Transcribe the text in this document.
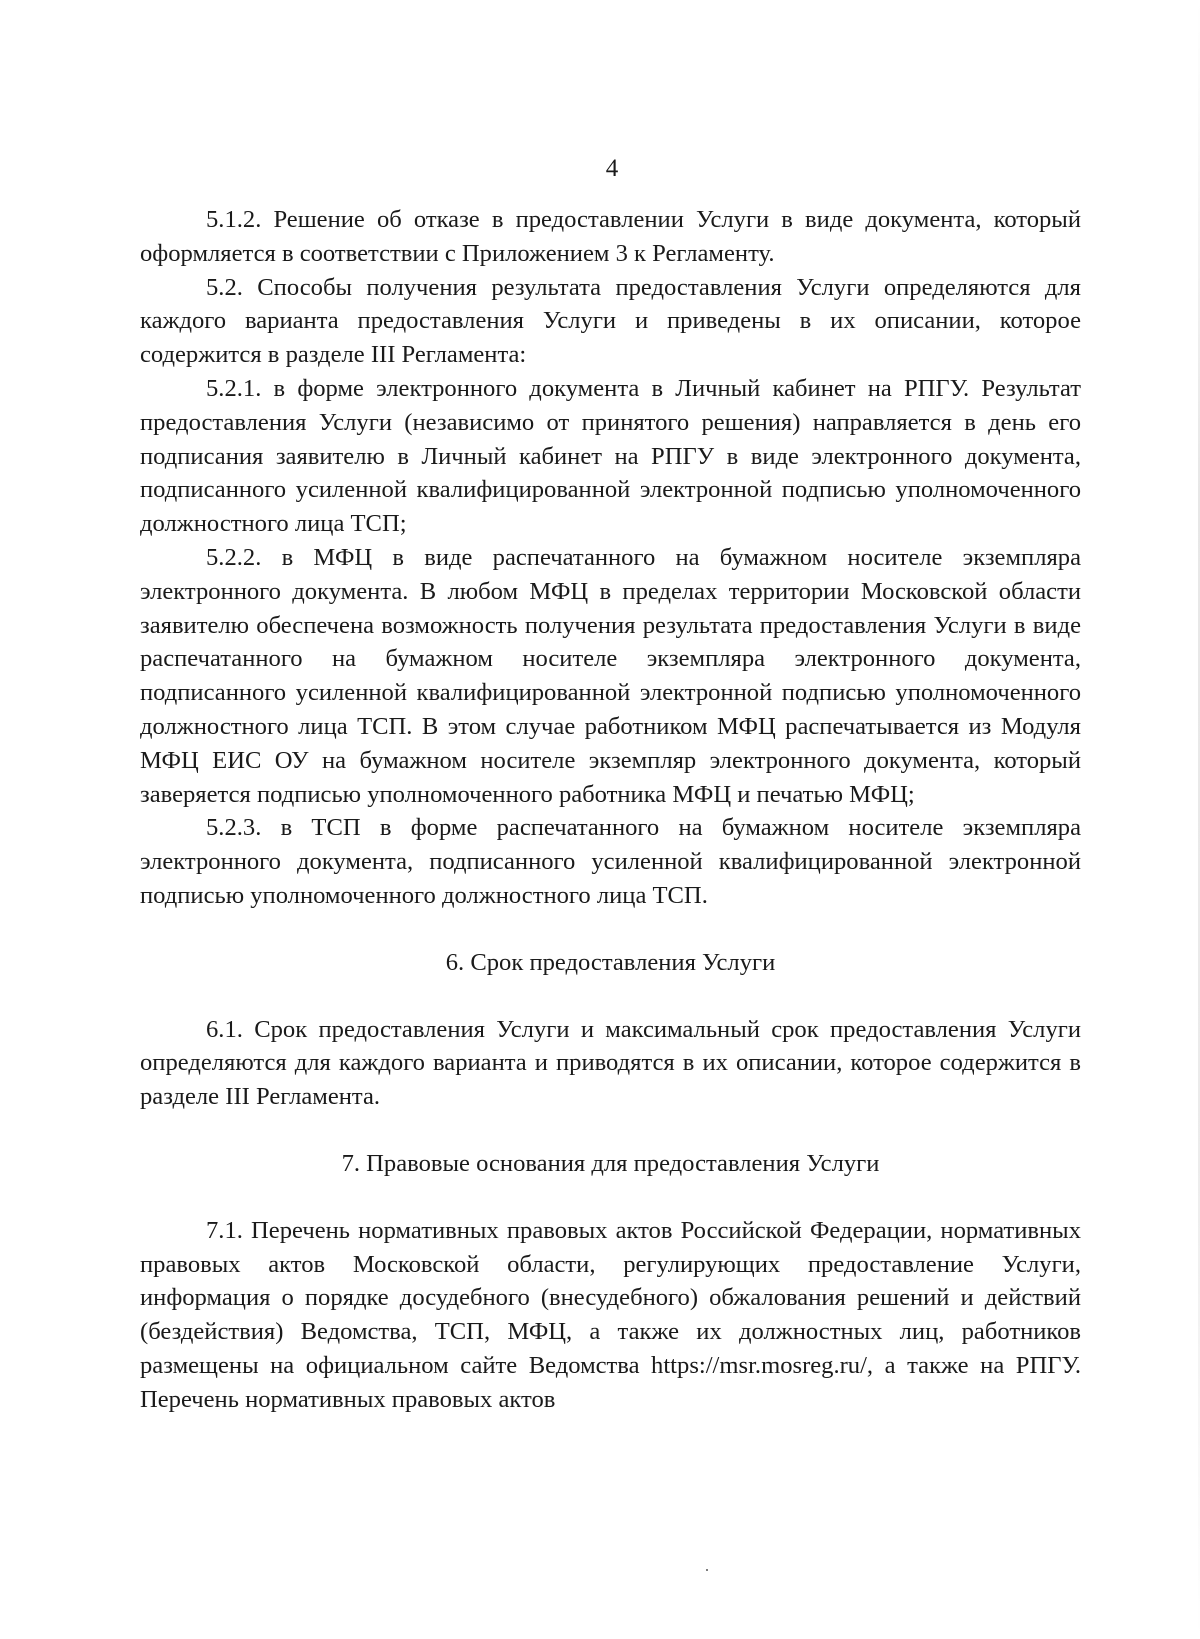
4

5.1.2. Решение об отказе в предоставлении Услуги в виде документа, который оформляется в соответствии с Приложением 3 к Регламенту.

5.2. Способы получения результата предоставления Услуги определяются для каждого варианта предоставления Услуги и приведены в их описании, которое содержится в разделе III Регламента:

5.2.1. в форме электронного документа в Личный кабинет на РПГУ. Результат предоставления Услуги (независимо от принятого решения) направляется в день его подписания заявителю в Личный кабинет на РПГУ в виде электронного документа, подписанного усиленной квалифицированной электронной подписью уполномоченного должностного лица ТСП;

5.2.2. в МФЦ в виде распечатанного на бумажном носителе экземпляра электронного документа. В любом МФЦ в пределах территории Московской области заявителю обеспечена возможность получения результата предоставления Услуги в виде распечатанного на бумажном носителе экземпляра электронного документа, подписанного усиленной квалифицированной электронной подписью уполномоченного должностного лица ТСП. В этом случае работником МФЦ распечатывается из Модуля МФЦ ЕИС ОУ на бумажном носителе экземпляр электронного документа, который заверяется подписью уполномоченного работника МФЦ и печатью МФЦ;

5.2.3. в ТСП в форме распечатанного на бумажном носителе экземпляра электронного документа, подписанного усиленной квалифицированной электронной подписью уполномоченного должностного лица ТСП.

6. Срок предоставления Услуги

6.1. Срок предоставления Услуги и максимальный срок предоставления Услуги определяются для каждого варианта и приводятся в их описании, которое содержится в разделе III Регламента.

7. Правовые основания для предоставления Услуги

7.1. Перечень нормативных правовых актов Российской Федерации, нормативных правовых актов Московской области, регулирующих предоставление Услуги, информация о порядке досудебного (внесудебного) обжалования решений и действий (бездействия) Ведомства, ТСП, МФЦ, а также их должностных лиц, работников размещены на официальном сайте Ведомства https://msr.mosreg.ru/, а также на РПГУ. Перечень нормативных правовых актов
